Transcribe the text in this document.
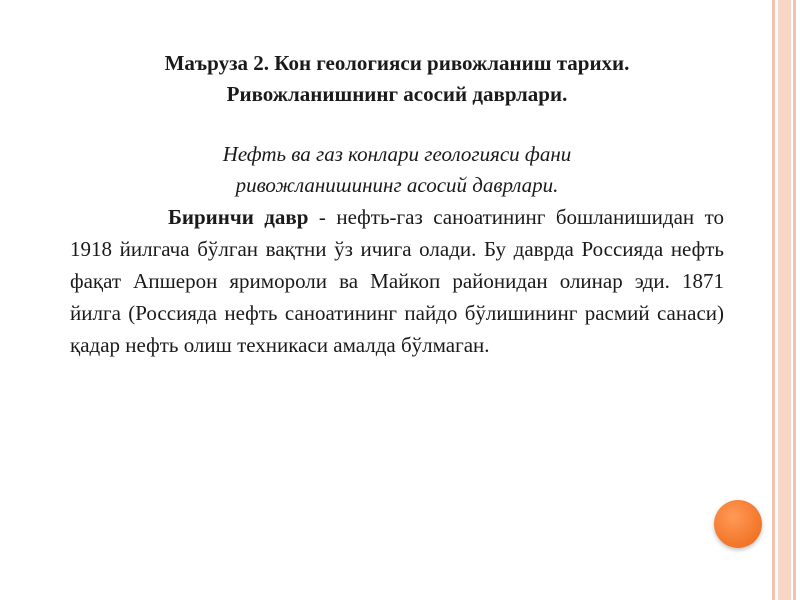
Маъруза 2. Кон геологияси ривожланиш тарихи.
Ривожланишнинг асосий даврлари.

Нефть ва газ конлари геологияси фани
ривожланишининг асосий даврлари.

Биринчи давр - нефть-газ саноатининг бошланишидан то 1918 йилгача бўлган вақтни ўз ичига олади. Бу даврда Россияда нефть фақат Апшерон яримороли ва Майкоп районидан олинар эди. 1871 йилга (Россияда нефть саноатининг пайдо бўлишининг расмий санаси) қадар нефть олиш техникаси амалда бўлмаган.
